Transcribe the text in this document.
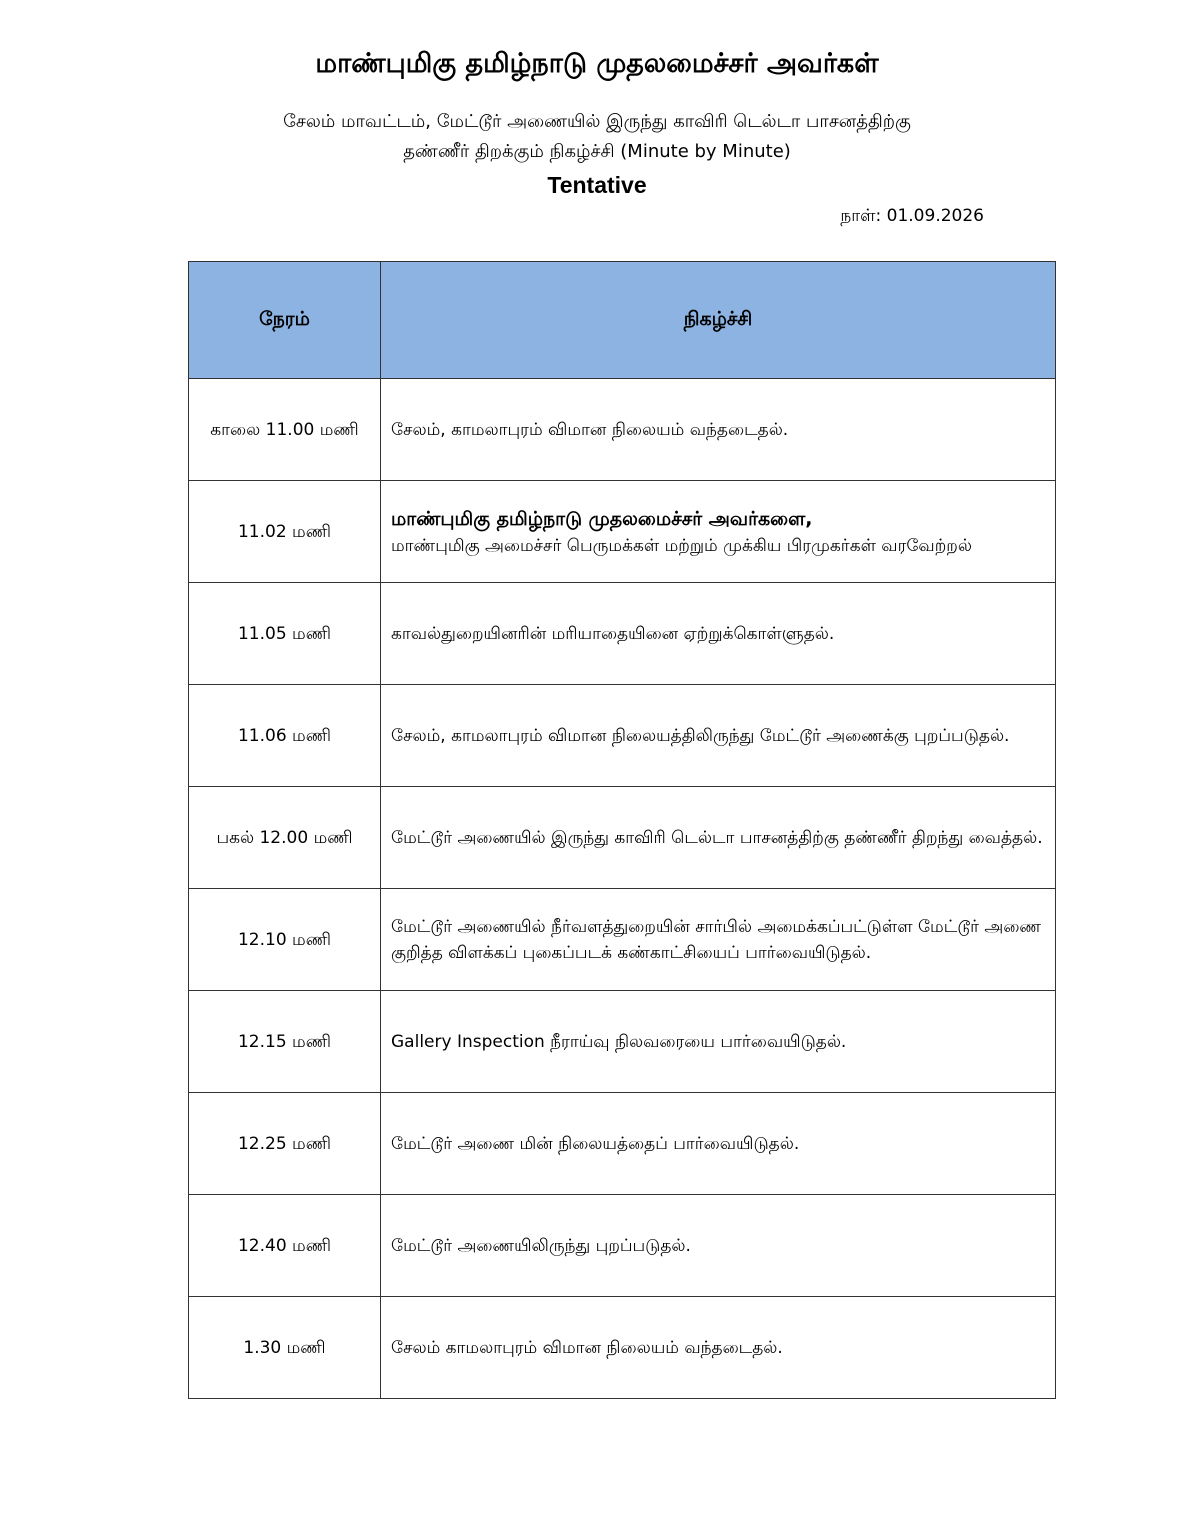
மாண்புமிகு தமிழ்நாடு முதலமைச்சர் அவர்கள்
சேலம் மாவட்டம், மேட்டூர் அணையில் இருந்து காவிரி டெல்டா பாசனத்திற்கு
தண்ணீர் திறக்கும் நிகழ்ச்சி (Minute by Minute)
Tentative
நாள்: 01.09.2026
நேரம்	நிகழ்ச்சி
காலை 11.00 மணி	சேலம், காமலாபுரம் விமான நிலையம் வந்தடைதல்.

11.02 மணி	மாண்புமிகு தமிழ்நாடு முதலமைச்சர் அவர்களை,
மாண்புமிகு அமைச்சர் பெருமக்கள் மற்றும் முக்கிய பிரமுகர்கள் வரவேற்றல்

11.05 மணி	காவல்துறையினரின் மரியாதையினை ஏற்றுக்கொள்ளுதல்.

11.06 மணி	சேலம், காமலாபுரம் விமான நிலையத்திலிருந்து மேட்டூர் அணைக்கு புறப்படுதல்.

பகல் 12.00 மணி	மேட்டூர் அணையில் இருந்து காவிரி டெல்டா பாசனத்திற்கு தண்ணீர் திறந்து வைத்தல்.

12.10 மணி	மேட்டூர் அணையில் நீர்வளத்துறையின் சார்பில் அமைக்கப்பட்டுள்ள மேட்டூர் அணை குறித்த விளக்கப் புகைப்படக் கண்காட்சியைப் பார்வையிடுதல்.

12.15 மணி	Gallery Inspection நீராய்வு நிலவரையை பார்வையிடுதல்.

12.25 மணி	மேட்டூர் அணை மின் நிலையத்தைப் பார்வையிடுதல்.

12.40 மணி	மேட்டூர் அணையிலிருந்து புறப்படுதல்.

1.30 மணி	சேலம் காமலாபுரம் விமான நிலையம் வந்தடைதல்.
